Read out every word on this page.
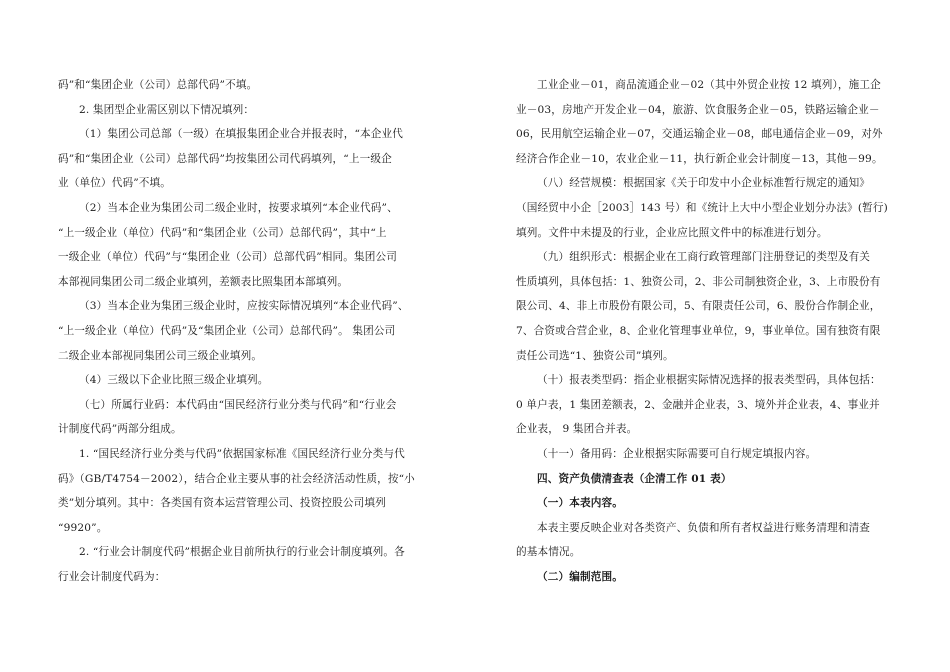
码”和“集团企业（公司）总部代码”不填。
2. 集团型企业需区别以下情况填列：
（1）集团公司总部（一级）在填报集团企业合并报表时，“本企业代
码”和“集团企业（公司）总部代码”均按集团公司代码填列，“上一级企
业（单位）代码”不填。
（2）当本企业为集团公司二级企业时，按要求填列“本企业代码”、
“上一级企业（单位）代码”和“集团企业（公司）总部代码”，其中“上
一级企业（单位）代码”与“集团企业（公司）总部代码”相同。集团公司
本部视同集团公司二级企业填列，差额表比照集团本部填列。
（3）当本企业为集团三级企业时，应按实际情况填列“本企业代码”、
“上一级企业（单位）代码”及“集团企业（公司）总部代码”。 集团公司
二级企业本部视同集团公司三级企业填列。
（4）三级以下企业比照三级企业填列。
（七）所属行业码：本代码由“国民经济行业分类与代码”和“行业会
计制度代码”两部分组成。
1. “国民经济行业分类与代码”依据国家标准《国民经济行业分类与代
码》（GB/T4754－2002），结合企业主要从事的社会经济活动性质，按“小
类”划分填列。其中：各类国有资本运营管理公司、投资控股公司填列
“9920”。
2. “行业会计制度代码”根据企业目前所执行的行业会计制度填列。各
行业会计制度代码为：
工业企业－01，商品流通企业－02（其中外贸企业按 12 填列），施工企
业－03，房地产开发企业－04，旅游、饮食服务企业－05，铁路运输企业－
06，民用航空运输企业－07，交通运输企业－08，邮电通信企业－09，对外
经济合作企业－10，农业企业－11，执行新企业会计制度－13，其他－99。
（八）经营规模：根据国家《关于印发中小企业标准暂行规定的通知》
（国经贸中小企［2003］143 号）和《统计上大中小型企业划分办法》(暂行)
填列。文件中未提及的行业，企业应比照文件中的标准进行划分。
（九）组织形式：根据企业在工商行政管理部门注册登记的类型及有关
性质填列，具体包括：1、独资公司，2、非公司制独资企业，3、上市股份有
限公司、4、非上市股份有限公司，5、有限责任公司，6、股份合作制企业，
7、合资或合营企业，8、企业化管理事业单位，9，事业单位。国有独资有限
责任公司选“1、独资公司”填列。
（十）报表类型码：指企业根据实际情况选择的报表类型码，具体包括：
0 单户表，1 集团差额表，2、金融并企业表，3、境外并企业表，4、事业并
企业表， 9 集团合并表。
（十一）备用码：企业根据实际需要可自行规定填报内容。
四、资产负债清查表（企清工作 01 表）
（一）本表内容。
本表主要反映企业对各类资产、负债和所有者权益进行账务清理和清查
的基本情况。
（二）编制范围。
